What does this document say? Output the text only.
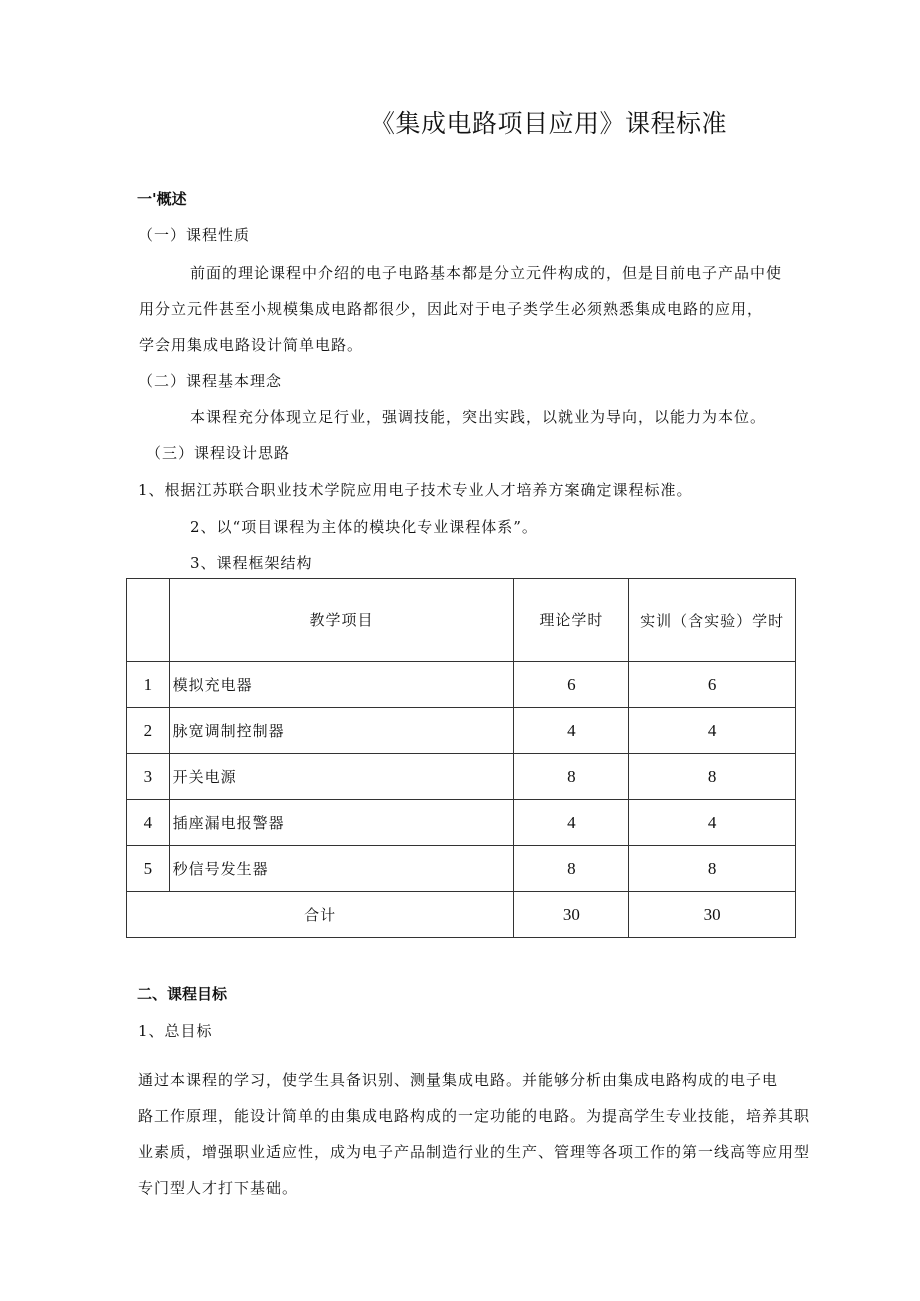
《集成电路项目应用》课程标准
一'概述
（一）课程性质
前面的理论课程中介绍的电子电路基本都是分立元件构成的，但是目前电子产品中使
用分立元件甚至小规模集成电路都很少，因此对于电子类学生必须熟悉集成电路的应用，
学会用集成电路设计简单电路。
（二）课程基本理念
本课程充分体现立足行业，强调技能，突出实践，以就业为导向，以能力为本位。
（三）课程设计思路
1、根据江苏联合职业技术学院应用电子技术专业人才培养方案确定课程标准。
2、以“项目课程为主体的模块化专业课程体系”。
3、课程框架结构
	教学项目	理论学时	实训（含实验）学时
1	模拟充电器	6	6
2	脉宽调制控制器	4	4
3	开关电源	8	8
4	插座漏电报警器	4	4
5	秒信号发生器	8	8
合计		30	30
二、课程目标
1、总目标
通过本课程的学习，使学生具备识别、测量集成电路。并能够分析由集成电路构成的电子电
路工作原理，能设计简单的由集成电路构成的一定功能的电路。为提高学生专业技能，培养其职
业素质，增强职业适应性，成为电子产品制造行业的生产、管理等各项工作的第一线高等应用型
专门型人才打下基础。
